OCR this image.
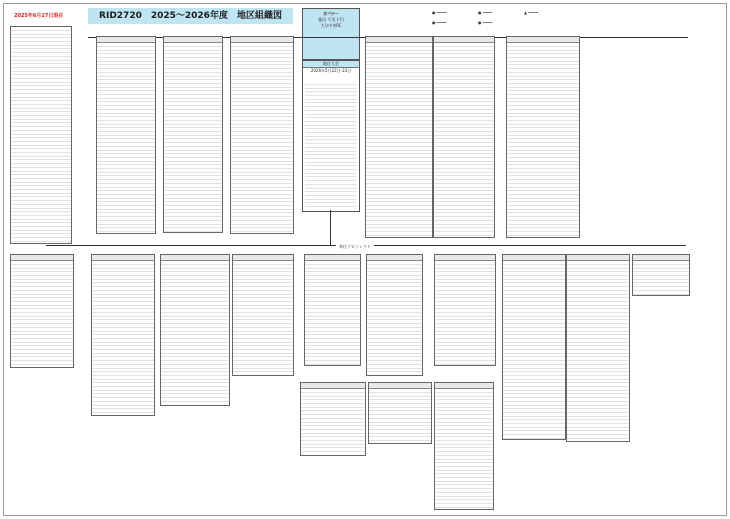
2025年6月27日現在	RID2720　2025～2026年度　地区組織図	● ━━━━	● ━━━━	▲ ━━━━ ● ━━━━	● ━━━━
ガバナー
藤田 千美 (千)
大分中央RC
地区大会
2026年5月22日-23日
奉仕プロジェクト
